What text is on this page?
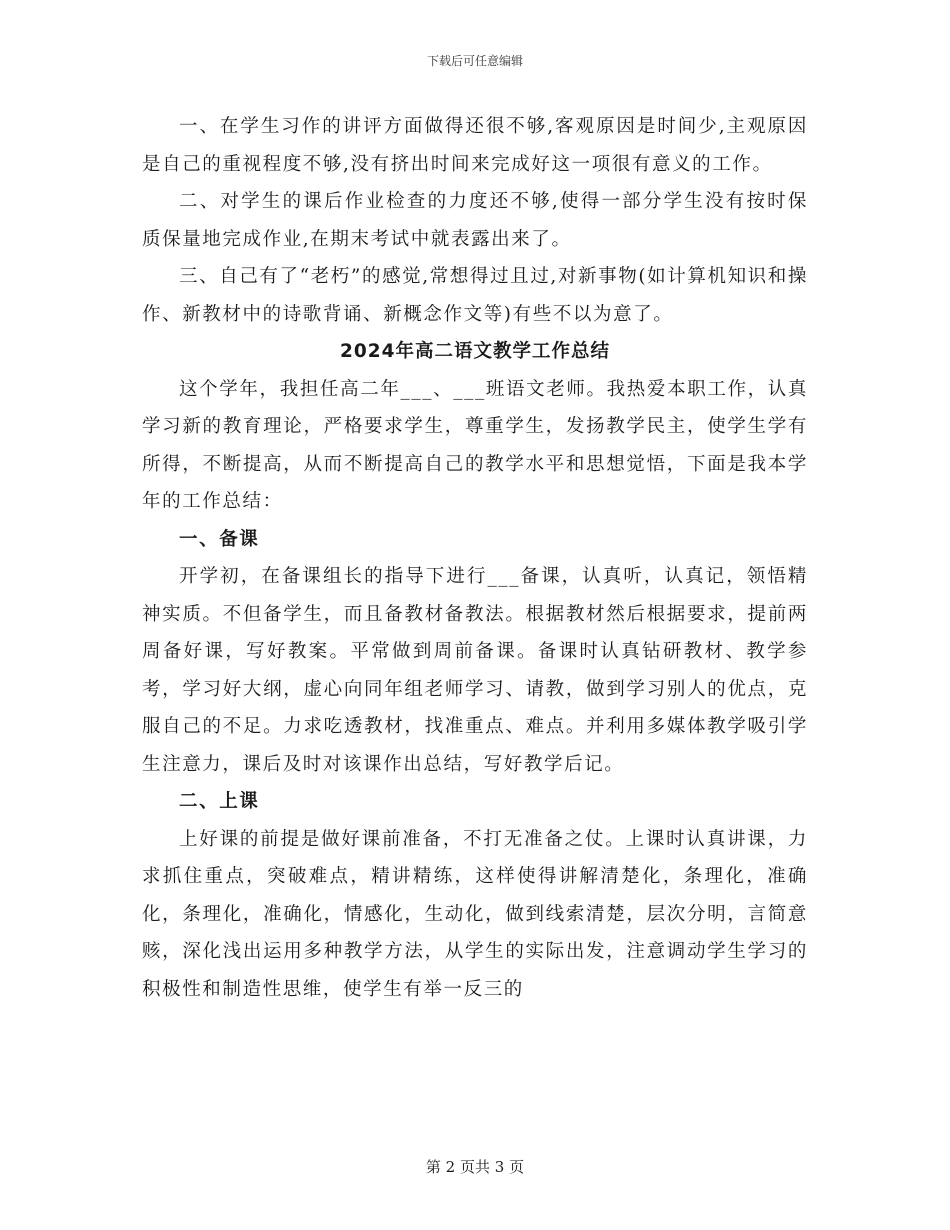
下载后可任意编辑

一、在学生习作的讲评方面做得还很不够,客观原因是时间少,主观原因是自己的重视程度不够,没有挤出时间来完成好这一项很有意义的工作。

二、对学生的课后作业检查的力度还不够,使得一部分学生没有按时保质保量地完成作业,在期末考试中就表露出来了。

三、自己有了“老朽”的感觉,常想得过且过,对新事物(如计算机知识和操作、新教材中的诗歌背诵、新概念作文等)有些不以为意了。

2024年高二语文教学工作总结

这个学年，我担任高二年___、___班语文老师。我热爱本职工作，认真学习新的教育理论，严格要求学生，尊重学生，发扬教学民主，使学生学有所得，不断提高，从而不断提高自己的教学水平和思想觉悟，下面是我本学年的工作总结：

一、备课

开学初，在备课组长的指导下进行___备课，认真听，认真记，领悟精神实质。不但备学生，而且备教材备教法。根据教材然后根据要求，提前两周备好课，写好教案。平常做到周前备课。备课时认真钻研教材、教学参考，学习好大纲，虚心向同年组老师学习、请教，做到学习别人的优点，克服自己的不足。力求吃透教材，找准重点、难点。并利用多媒体教学吸引学生注意力，课后及时对该课作出总结，写好教学后记。

二、上课

上好课的前提是做好课前准备，不打无准备之仗。上课时认真讲课，力求抓住重点，突破难点，精讲精练，这样使得讲解清楚化，条理化，准确化，条理化，准确化，情感化，生动化，做到线索清楚，层次分明，言简意赅，深化浅出运用多种教学方法，从学生的实际出发，注意调动学生学习的积极性和制造性思维，使学生有举一反三的

第 2 页共 3 页
